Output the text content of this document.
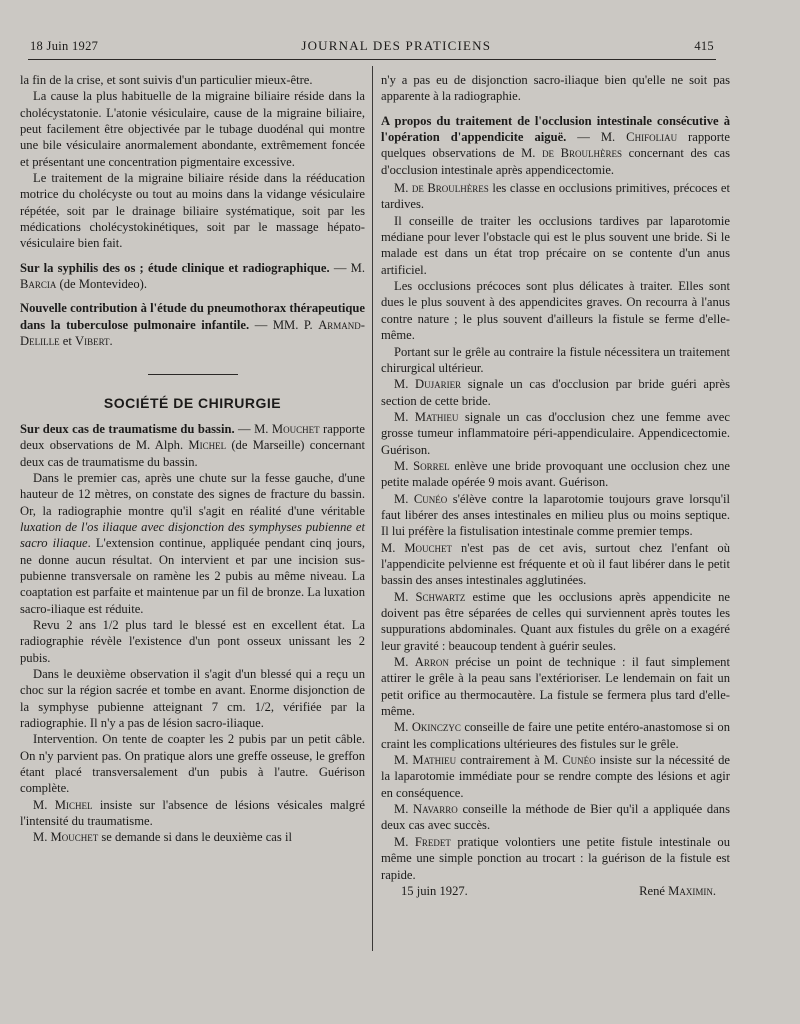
18 Juin 1927	JOURNAL DES PRATICIENS	415

la fin de la crise, et sont suivis d'un particulier mieux-être.

La cause la plus habituelle de la migraine biliaire réside dans la cholécystatonie. L'atonie vésiculaire, cause de la migraine biliaire, peut facilement être objectivée par le tubage duodénal qui montre une bile vésiculaire anormalement abondante, extrêmement foncée et présentant une concentration pigmentaire excessive.

Le traitement de la migraine biliaire réside dans la rééducation motrice du cholécyste ou tout au moins dans la vidange vésiculaire répétée, soit par le drainage biliaire systématique, soit par les médications cholécystokinétiques, soit par le massage hépato-vésiculaire bien fait.

Sur la syphilis des os ; étude clinique et radiographique. — M. Barcia (de Montevideo).

Nouvelle contribution à l'étude du pneumothorax thérapeutique dans la tuberculose pulmonaire infantile. — MM. P. Armand-Delille et Vibert.

SOCIÉTÉ DE CHIRURGIE

Sur deux cas de traumatisme du bassin. — M. Mouchet rapporte deux observations de M. Alph. Michel (de Marseille) concernant deux cas de traumatisme du bassin.

Dans le premier cas, après une chute sur la fesse gauche, d'une hauteur de 12 mètres, on constate des signes de fracture du bassin. Or, la radiographie montre qu'il s'agit en réalité d'une véritable luxation de l'os iliaque avec disjonction des symphyses pubienne et sacro iliaque. L'extension continue, appliquée pendant cinq jours, ne donne aucun résultat. On intervient et par une incision sus-pubienne transversale on ramène les 2 pubis au même niveau. La coaptation est parfaite et maintenue par un fil de bronze. La luxation sacro-iliaque est réduite.

Revu 2 ans 1/2 plus tard le blessé est en excellent état. La radiographie révèle l'existence d'un pont osseux unissant les 2 pubis.

Dans le deuxième observation il s'agit d'un blessé qui a reçu un choc sur la région sacrée et tombe en avant. Enorme disjonction de la symphyse pubienne atteignant 7 cm. 1/2, vérifiée par la radiographie. Il n'y a pas de lésion sacro-iliaque.

Intervention. On tente de coapter les 2 pubis par un petit câble. On n'y parvient pas. On pratique alors une greffe osseuse, le greffon étant placé transversalement d'un pubis à l'autre. Guérison complète.

M. Michel insiste sur l'absence de lésions vésicales malgré l'intensité du traumatisme.

M. Mouchet se demande si dans le deuxième cas il

n'y a pas eu de disjonction sacro-iliaque bien qu'elle ne soit pas apparente à la radiographie.

A propos du traitement de l'occlusion intestinale consécutive à l'opération d'appendicite aiguë. — M. Chifoliau rapporte quelques observations de M. de Broulhères concernant des cas d'occlusion intestinale après appendicectomie.

M. de Broulhères les classe en occlusions primitives, précoces et tardives.

Il conseille de traiter les occlusions tardives par laparotomie médiane pour lever l'obstacle qui est le plus souvent une bride. Si le malade est dans un état trop précaire on se contente d'un anus artificiel.

Les occlusions précoces sont plus délicates à traiter. Elles sont dues le plus souvent à des appendicites graves. On recourra à l'anus contre nature ; le plus souvent d'ailleurs la fistule se ferme d'elle-même.

Portant sur le grêle au contraire la fistule nécessitera un traitement chirurgical ultérieur.

M. Dujarier signale un cas d'occlusion par bride guéri après section de cette bride.

M. Mathieu signale un cas d'occlusion chez une femme avec grosse tumeur inflammatoire péri-appendiculaire. Appendicectomie. Guérison.

M. Sorrel enlève une bride provoquant une occlusion chez une petite malade opérée 9 mois avant. Guérison.

M. Cunéo s'élève contre la laparotomie toujours grave lorsqu'il faut libérer des anses intestinales en milieu plus ou moins septique. Il lui préfère la fistulisation intestinale comme premier temps.

M. Mouchet n'est pas de cet avis, surtout chez l'enfant où l'appendicite pelvienne est fréquente et où il faut libérer dans le petit bassin des anses intestinales agglutinées.

M. Schwartz estime que les occlusions après appendicite ne doivent pas être séparées de celles qui surviennent après toutes les suppurations abdominales. Quant aux fistules du grêle on a exagéré leur gravité : beaucoup tendent à guérir seules.

M. Arron précise un point de technique : il faut simplement attirer le grêle à la peau sans l'extérioriser. Le lendemain on fait un petit orifice au thermocautère. La fistule se fermera plus tard d'elle-même.

M. Okinczyc conseille de faire une petite entéro-anastomose si on craint les complications ultérieures des fistules sur le grêle.

M. Mathieu contrairement à M. Cunéo insiste sur la nécessité de la laparotomie immédiate pour se rendre compte des lésions et agir en conséquence.

M. Navarro conseille la méthode de Bier qu'il a appliquée dans deux cas avec succès.

M. Fredet pratique volontiers une petite fistule intestinale ou même une simple ponction au trocart : la guérison de la fistule est rapide.

15 juin 1927.	René Maximin.
